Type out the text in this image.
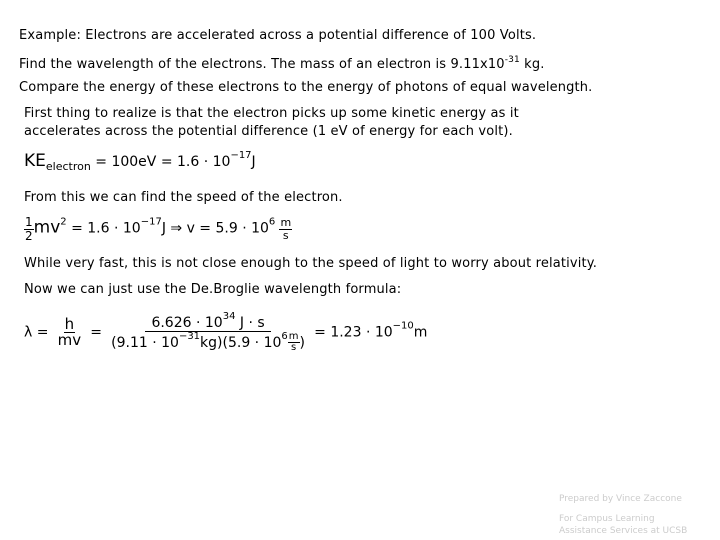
Example: Electrons are accelerated across a potential difference of 100 Volts.
Find the wavelength of the electrons. The mass of an electron is $9.11x10^{-31}$ kg.
Compare the energy of these electrons to the energy of photons of equal wavelength.
First thing to realize is that the electron picks up some kinetic energy as it
accelerates across the potential difference (1 eV of energy for each volt).
$KE_{electron} = 100eV = 1.6 \cdot 10^{-17}J$
From this we can find the speed of the electron.
$\frac{1}{2} mv^2 = 1.6 \cdot 10^{-17}J$ ⇒ $v = 5.9 \cdot 10^6 \frac{m}{s}$
While very fast, this is not close enough to the speed of light to worry about relativity.
Now we can just use the De.Broglie wavelength formula:
$\lambda = \frac{h}{mv} = \frac{6.626 \cdot 10^{34} J \cdot s}{(9.11 \cdot 10^{-31}kg)(5.9 \cdot 10^6 \frac{m}{s} )} = 1.23 \cdot 10^{-10}m$
Prepared by Vince Zaccone
For Campus Learning
Assistance Services at UCSB
